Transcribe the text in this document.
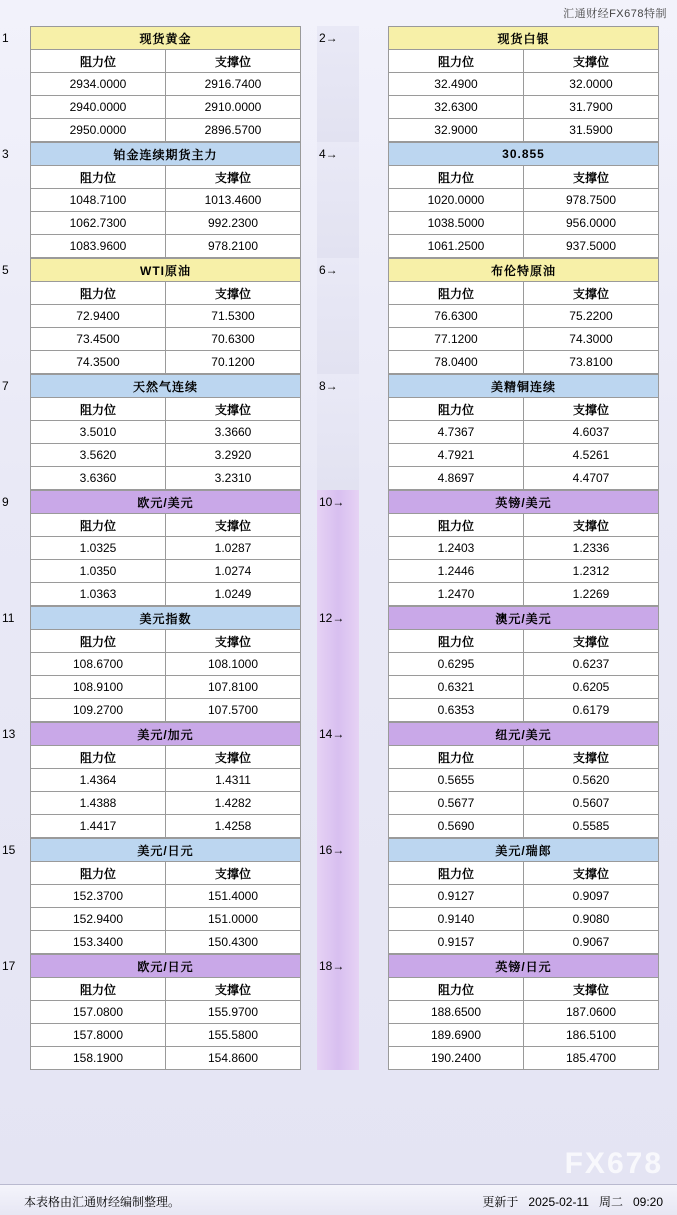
汇通财经FX678特制
1	现货黄金	
阻力位	支撑位
2934.0000	2916.7400
2940.0000	2910.0000
2950.0000	2896.5700
2→	现货白银	
阻力位	支撑位
32.4900	32.0000
32.6300	31.7900
32.9000	31.5900
3	铂金连续期货主力	
阻力位	支撑位
1048.7100	1013.4600
1062.7300	992.2300
1083.9600	978.2100
4→	30.855	
阻力位	支撑位
1020.0000	978.7500
1038.5000	956.0000
1061.2500	937.5000
5	WTI原油	
阻力位	支撑位
72.9400	71.5300
73.4500	70.6300
74.3500	70.1200
6→	布伦特原油	
阻力位	支撑位
76.6300	75.2200
77.1200	74.3000
78.0400	73.8100
7	天然气连续	
阻力位	支撑位
3.5010	3.3660
3.5620	3.2920
3.6360	3.2310
8→	美精铜连续	
阻力位	支撑位
4.7367	4.6037
4.7921	4.5261
4.8697	4.4707
9	欧元/美元	
阻力位	支撑位
1.0325	1.0287
1.0350	1.0274
1.0363	1.0249
10→	英镑/美元	
阻力位	支撑位
1.2403	1.2336
1.2446	1.2312
1.2470	1.2269
11	美元指数	
阻力位	支撑位
108.6700	108.1000
108.9100	107.8100
109.2700	107.5700
12→	澳元/美元	
阻力位	支撑位
0.6295	0.6237
0.6321	0.6205
0.6353	0.6179
13	美元/加元	
阻力位	支撑位
1.4364	1.4311
1.4388	1.4282
1.4417	1.4258
14→	纽元/美元	
阻力位	支撑位
0.5655	0.5620
0.5677	0.5607
0.5690	0.5585
15	美元/日元	
阻力位	支撑位
152.3700	151.4000
152.9400	151.0000
153.3400	150.4300
16→	美元/瑞郎	
阻力位	支撑位
0.9127	0.9097
0.9140	0.9080
0.9157	0.9067
17	欧元/日元	
阻力位	支撑位
157.0800	155.9700
157.8000	155.5800
158.1900	154.8600
18→	英镑/日元	
阻力位	支撑位
188.6500	187.0600
189.6900	186.5100
190.2400	185.4700
FX678
本表格由汇通财经编制整理。	更新于 2025-02-11 周二 09:20
